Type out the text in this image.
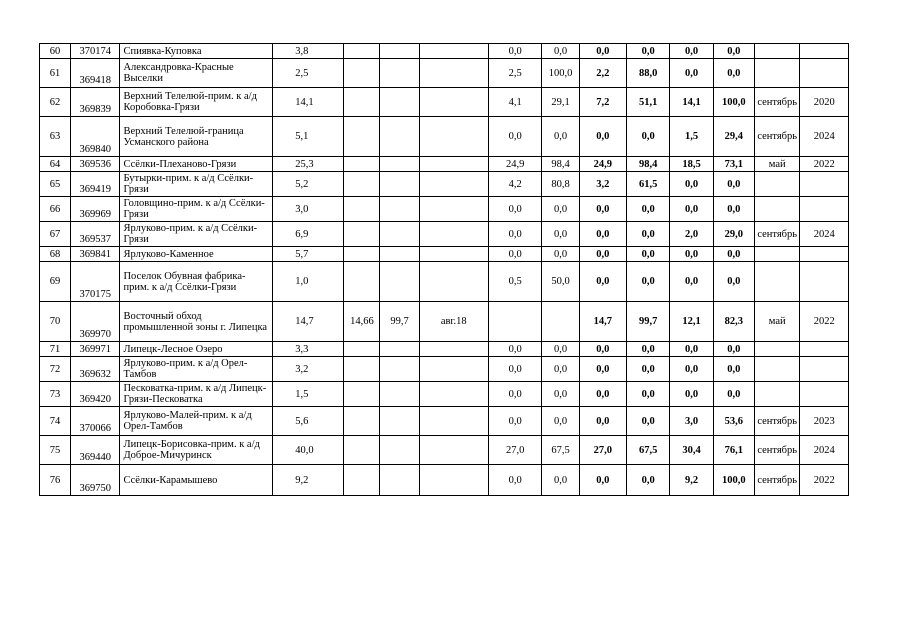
60	370174	Спиявка-Куповка	3,8				0,0	0,0	0,0	0,0	0,0	0,0		
61	369418	Александровка-Красные Выселки	2,5				2,5	100,0	2,2	88,0	0,0	0,0		
62	369839	Верхний Телелюй-прим. к а/д Коробовка-Грязи	14,1				4,1	29,1	7,2	51,1	14,1	100,0	сентябрь	2020
63	369840	Верхний Телелюй-граница Усманского района	5,1				0,0	0,0	0,0	0,0	1,5	29,4	сентябрь	2024
64	369536	Ссёлки-Плеханово-Грязи	25,3				24,9	98,4	24,9	98,4	18,5	73,1	май	2022
65	369419	Бутырки-прим. к а/д Ссёлки-Грязи	5,2				4,2	80,8	3,2	61,5	0,0	0,0		
66	369969	Головщино-прим. к а/д Ссёлки-Грязи	3,0				0,0	0,0	0,0	0,0	0,0	0,0		
67	369537	Ярлуково-прим. к а/д Ссёлки-Грязи	6,9				0,0	0,0	0,0	0,0	2,0	29,0	сентябрь	2024
68	369841	Ярлуково-Каменное	5,7				0,0	0,0	0,0	0,0	0,0	0,0		
69	370175	Поселок Обувная фабрика-прим. к а/д Ссёлки-Грязи	1,0				0,5	50,0	0,0	0,0	0,0	0,0		
70	369970	Восточный обход промышленной зоны г. Липецка	14,7	14,66	99,7	авг.18			14,7	99,7	12,1	82,3	май	2022
71	369971	Липецк-Лесное Озеро	3,3				0,0	0,0	0,0	0,0	0,0	0,0		
72	369632	Ярлуково-прим. к а/д Орел-Тамбов	3,2				0,0	0,0	0,0	0,0	0,0	0,0		
73	369420	Песковатка-прим. к а/д Липецк-Грязи-Песковатка	1,5				0,0	0,0	0,0	0,0	0,0	0,0		
74	370066	Ярлуково-Малей-прим. к а/д Орел-Тамбов	5,6				0,0	0,0	0,0	0,0	3,0	53,6	сентябрь	2023
75	369440	Липецк-Борисовка-прим. к а/д Доброе-Мичуринск	40,0				27,0	67,5	27,0	67,5	30,4	76,1	сентябрь	2024
76	369750	Ссёлки-Карамышево	9,2				0,0	0,0	0,0	0,0	9,2	100,0	сентябрь	2022
